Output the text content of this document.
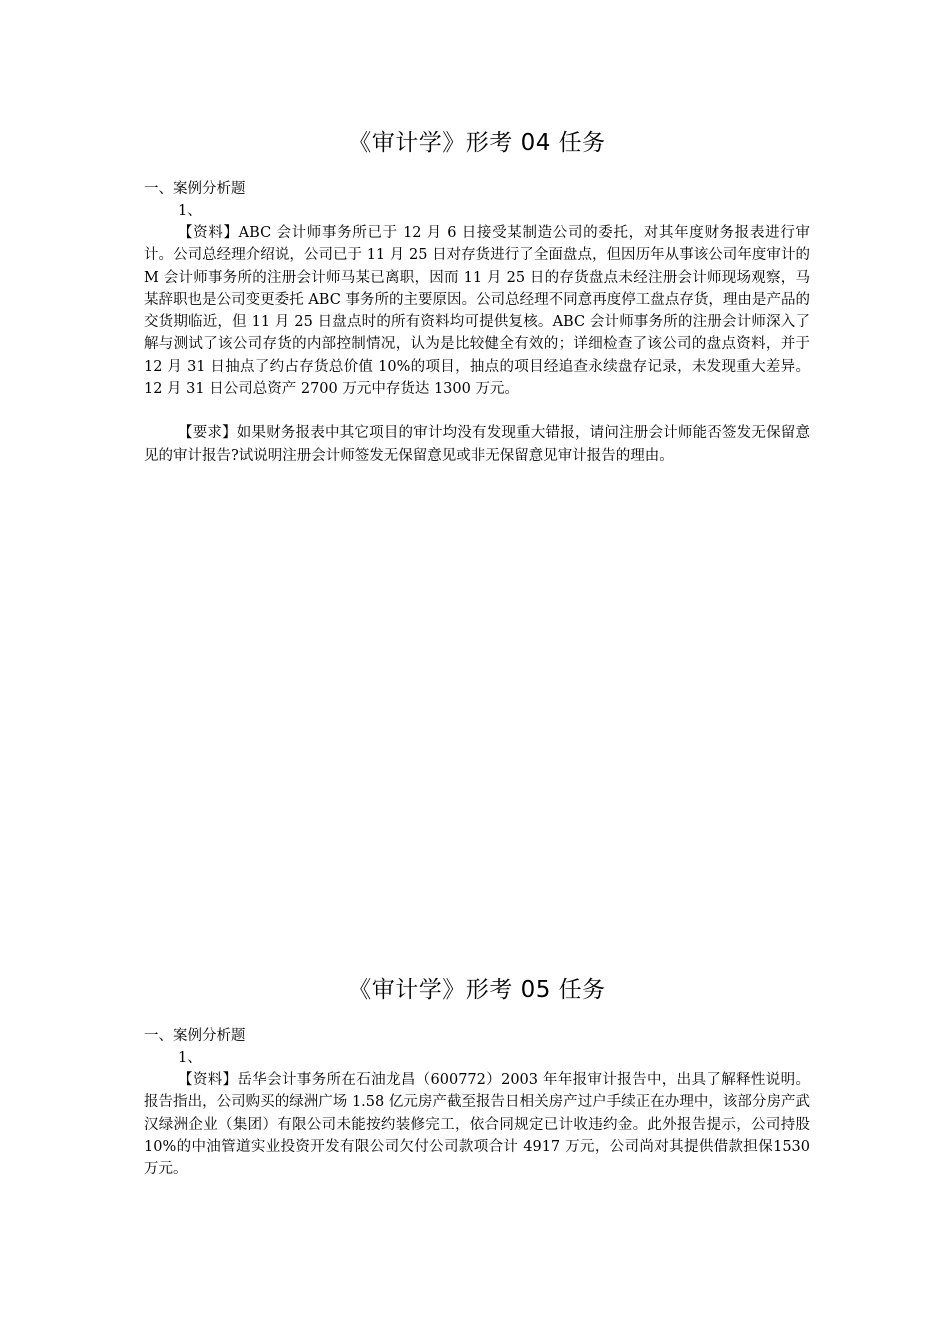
《审计学》形考 04 任务

一、案例分析题

1、

【资料】ABC 会计师事务所已于 12 月 6 日接受某制造公司的委托，对其年度财务报表进行审计。公司总经理介绍说，公司已于 11 月 25 日对存货进行了全面盘点，但因历年从事该公司年度审计的 M 会计师事务所的注册会计师马某已离职，因而 11 月 25 日的存货盘点未经注册会计师现场观察，马某辞职也是公司变更委托 ABC 事务所的主要原因。公司总经理不同意再度停工盘点存货，理由是产品的交货期临近，但 11 月 25 日盘点时的所有资料均可提供复核。ABC 会计师事务所的注册会计师深入了解与测试了该公司存货的内部控制情况，认为是比较健全有效的；详细检查了该公司的盘点资料，并于 12 月 31 日抽点了约占存货总价值 10%的项目，抽点的项目经追查永续盘存记录，未发现重大差异。12 月 31 日公司总资产 2700 万元中存货达 1300 万元。

【要求】如果财务报表中其它项目的审计均没有发现重大错报，请问注册会计师能否签发无保留意见的审计报告?试说明注册会计师签发无保留意见或非无保留意见审计报告的理由。

《审计学》形考 05 任务

一、案例分析题

1、

【资料】岳华会计事务所在石油龙昌（600772）2003 年年报审计报告中，出具了解释性说明。报告指出，公司购买的绿洲广场 1.58 亿元房产截至报告日相关房产过户手续正在办理中，该部分房产武汉绿洲企业（集团）有限公司未能按约装修完工，依合同规定已计收违约金。此外报告提示，公司持股10%的中油管道实业投资开发有限公司欠付公司款项合计 4917 万元，公司尚对其提供借款担保1530 万元。
